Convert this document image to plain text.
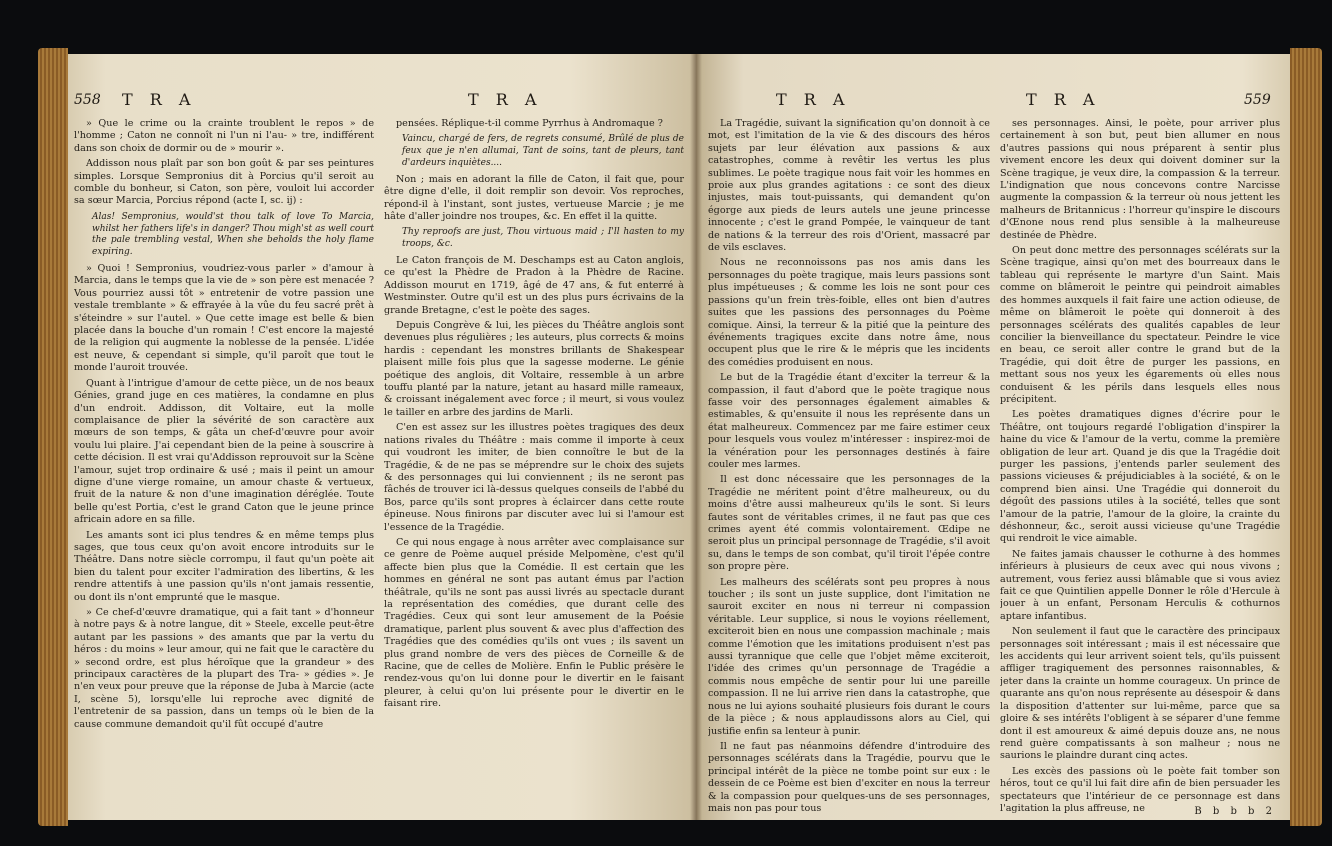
558 T R A	T R A

» Que le crime ou la crainte troublent le repos » de l'homme ; Caton ne connoît ni l'un ni l'au- » tre, indifférent dans son choix de dormir ou de » mourir ».

Addisson nous plaît par son bon goût & par ses peintures simples. Lorsque Sempronius dit à Porcius qu'il seroit au comble du bonheur, si Caton, son père, vouloit lui accorder sa sœur Marcia, Porcius répond (acte I, sc. ij) :

Alas! Sempronius, would'st thou talk of love To Marcia, whilst her fathers life's in danger? Thou migh'st as well court the pale trembling vestal, When she beholds the holy flame expiring.

» Quoi ! Sempronius, voudriez-vous parler » d'amour à Marcia, dans le temps que la vie de » son père est menacée ? Vous pourriez aussi tôt » entretenir de votre passion une vestale tremblante » & effrayée à la vûe du feu sacré prêt à s'éteindre » sur l'autel. » Que cette image est belle & bien placée dans la bouche d'un romain ! C'est encore la majesté de la religion qui augmente la noblesse de la pensée. L'idée est neuve, & cependant si simple, qu'il paroît que tout le monde l'auroit trouvée.

Quant à l'intrigue d'amour de cette pièce, un de nos beaux Génies, grand juge en ces matières, la condamne en plus d'un endroit. Addisson, dit Voltaire, eut la molle complaisance de plier la sévérité de son caractère aux mœurs de son temps, & gâta un chef-d'œuvre pour avoir voulu lui plaire. J'ai cependant bien de la peine à souscrire à cette décision. Il est vrai qu'Addisson reprouvoit sur la Scène l'amour, sujet trop ordinaire & usé ; mais il peint un amour digne d'une vierge romaine, un amour chaste & vertueux, fruit de la nature & non d'une imagination déréglée. Toute belle qu'est Portia, c'est le grand Caton que le jeune prince africain adore en sa fille.

Les amants sont ici plus tendres & en même temps plus sages, que tous ceux qu'on avoit encore introduits sur le Théâtre. Dans notre siècle corrompu, il faut qu'un poète ait bien du talent pour exciter l'admiration des libertins, & les rendre attentifs à une passion qu'ils n'ont jamais ressentie, ou dont ils n'ont emprunté que le masque.

» Ce chef-d'œuvre dramatique, qui a fait tant » d'honneur à notre pays & à notre langue, dit » Steele, excelle peut-être autant par les passions » des amants que par la vertu du héros : du moins » leur amour, qui ne fait que le caractère du » second ordre, est plus héroïque que la grandeur » des principaux caractères de la plupart des Tra- » gédies ». Je n'en veux pour preuve que la réponse de Juba à Marcie (acte I, scène 5), lorsqu'elle lui reproche avec dignité de l'entretenir de sa passion, dans un temps où le bien de la cause commune demandoit qu'il fût occupé d'autre

pensées. Réplique-t-il comme Pyrrhus à Andromaque ?

Vaincu, chargé de fers, de regrets consumé, Brûlé de plus de feux que je n'en allumai, Tant de soins, tant de pleurs, tant d'ardeurs inquiètes....

Non ; mais en adorant la fille de Caton, il fait que, pour être digne d'elle, il doit remplir son devoir. Vos reproches, répond-il à l'instant, sont justes, vertueuse Marcie ; je me hâte d'aller joindre nos troupes, &c. En effet il la quitte.

Thy reproofs are just, Thou virtuous maid ; I'll hasten to my troops, &c.

Le Caton françois de M. Deschamps est au Caton anglois, ce qu'est la Phèdre de Pradon à la Phèdre de Racine. Addisson mourut en 1719, âgé de 47 ans, & fut enterré à Westminster. Outre qu'il est un des plus purs écrivains de la grande Bretagne, c'est le poète des sages.

Depuis Congrève & lui, les pièces du Théâtre anglois sont devenues plus régulières ; les auteurs, plus corrects & moins hardis : cependant les monstres brillants de Shakespear plaisent mille fois plus que la sagesse moderne. Le génie poétique des anglois, dit Voltaire, ressemble à un arbre touffu planté par la nature, jetant au hasard mille rameaux, & croissant inégalement avec force ; il meurt, si vous voulez le tailler en arbre des jardins de Marli.

C'en est assez sur les illustres poètes tragiques des deux nations rivales du Théâtre : mais comme il importe à ceux qui voudront les imiter, de bien connoître le but de la Tragédie, & de ne pas se méprendre sur le choix des sujets & des personnages qui lui conviennent ; ils ne seront pas fâchés de trouver ici là-dessus quelques conseils de l'abbé du Bos, parce qu'ils sont propres à éclaircer dans cette route épineuse. Nous finirons par discuter avec lui si l'amour est l'essence de la Tragédie.

Ce qui nous engage à nous arrêter avec complaisance sur ce genre de Poème auquel préside Melpomène, c'est qu'il affecte bien plus que la Comédie. Il est certain que les hommes en général ne sont pas autant émus par l'action théâtrale, qu'ils ne sont pas aussi livrés au spectacle durant la représentation des comédies, que durant celle des Tragédies. Ceux qui sont leur amusement de la Poésie dramatique, parlent plus souvent & avec plus d'affection des Tragédies que des comédies qu'ils ont vues ; ils savent un plus grand nombre de vers des pièces de Corneille & de Racine, que de celles de Molière. Enfin le Public présère le rendez-vous qu'on lui donne pour le divertir en le faisant pleurer, à celui qu'on lui présente pour le divertir en le faisant rire.

T R A	T R A	559

La Tragédie, suivant la signification qu'on donnoit à ce mot, est l'imitation de la vie & des discours des héros sujets par leur élévation aux passions & aux catastrophes, comme à revêtir les vertus les plus sublimes. Le poète tragique nous fait voir les hommes en proie aux plus grandes agitations : ce sont des dieux injustes, mais tout-puissants, qui demandent qu'on égorge aux pieds de leurs autels une jeune princesse innocente ; c'est le grand Pompée, le vainqueur de tant de nations & la terreur des rois d'Orient, massacré par de vils esclaves.

Nous ne reconnoissons pas nos amis dans les personnages du poète tragique, mais leurs passions sont plus impétueuses ; & comme les lois ne sont pour ces passions qu'un frein très-foible, elles ont bien d'autres suites que les passions des personnages du Poème comique. Ainsi, la terreur & la pitié que la peinture des événements tragiques excite dans notre âme, nous occupent plus que le rire & le mépris que les incidents des comédies produisent en nous.

Le but de la Tragédie étant d'exciter la terreur & la compassion, il faut d'abord que le poète tragique nous fasse voir des personnages également aimables & estimables, & qu'ensuite il nous les représente dans un état malheureux. Commencez par me faire estimer ceux pour lesquels vous voulez m'intéresser : inspirez-moi de la vénération pour les personnages destinés à faire couler mes larmes.

Il est donc nécessaire que les personnages de la Tragédie ne méritent point d'être malheureux, ou du moins d'être aussi malheureux qu'ils le sont. Si leurs fautes sont de véritables crimes, il ne faut pas que ces crimes ayent été commis volontairement. Œdipe ne seroit plus un principal personnage de Tragédie, s'il avoit su, dans le temps de son combat, qu'il tiroit l'épée contre son propre père.

Les malheurs des scélérats sont peu propres à nous toucher ; ils sont un juste supplice, dont l'imitation ne sauroit exciter en nous ni terreur ni compassion véritable. Leur supplice, si nous le voyions réellement, exciteroit bien en nous une compassion machinale ; mais comme l'émotion que les imitations produisent n'est pas aussi tyrannique que celle que l'objet même exciteroit, l'idée des crimes qu'un personnage de Tragédie a commis nous empêche de sentir pour lui une pareille compassion. Il ne lui arrive rien dans la catastrophe, que nous ne lui ayions souhaité plusieurs fois durant le cours de la pièce ; & nous applaudissons alors au Ciel, qui justifie enfin sa lenteur à punir.

Il ne faut pas néanmoins défendre d'introduire des personnages scélérats dans la Tragédie, pourvu que le principal intérêt de la pièce ne tombe point sur eux : le dessein de ce Poème est bien d'exciter en nous la terreur & la compassion pour quelques-uns de ses personnages, mais non pas pour tous

ses personnages. Ainsi, le poète, pour arriver plus certainement à son but, peut bien allumer en nous d'autres passions qui nous préparent à sentir plus vivement encore les deux qui doivent dominer sur la Scène tragique, je veux dire, la compassion & la terreur. L'indignation que nous concevons contre Narcisse augmente la compassion & la terreur où nous jettent les malheurs de Britannicus : l'horreur qu'inspire le discours d'Œnone nous rend plus sensible à la malheureuse destinée de Phèdre.

On peut donc mettre des personnages scélérats sur la Scène tragique, ainsi qu'on met des bourreaux dans le tableau qui représente le martyre d'un Saint. Mais comme on blâmeroit le peintre qui peindroit aimables des hommes auxquels il fait faire une action odieuse, de même on blâmeroit le poète qui donneroit à des personnages scélérats des qualités capables de leur concilier la bienveillance du spectateur. Peindre le vice en beau, ce seroit aller contre le grand but de la Tragédie, qui doit être de purger les passions, en mettant sous nos yeux les égarements où elles nous conduisent & les périls dans lesquels elles nous précipitent.

Les poètes dramatiques dignes d'écrire pour le Théâtre, ont toujours regardé l'obligation d'inspirer la haine du vice & l'amour de la vertu, comme la première obligation de leur art. Quand je dis que la Tragédie doit purger les passions, j'entends parler seulement des passions vicieuses & préjudiciables à la société, & on le comprend bien ainsi. Une Tragédie qui donneroit du dégoût des passions utiles à la société, telles que sont l'amour de la patrie, l'amour de la gloire, la crainte du déshonneur, &c., seroit aussi vicieuse qu'une Tragédie qui rendroit le vice aimable.

Ne faites jamais chausser le cothurne à des hommes inférieurs à plusieurs de ceux avec qui nous vivons ; autrement, vous feriez aussi blâmable que si vous aviez fait ce que Quintilien appelle Donner le rôle d'Hercule à jouer à un enfant, Personam Herculis & cothurnos aptare infantibus.

Non seulement il faut que le caractère des principaux personnages soit intéressant ; mais il est nécessaire que les accidents qui leur arrivent soient tels, qu'ils puissent affliger tragiquement des personnes raisonnables, & jeter dans la crainte un homme courageux. Un prince de quarante ans qu'on nous représente au désespoir & dans la disposition d'attenter sur lui-même, parce que sa gloire & ses intérêts l'obligent à se séparer d'une femme dont il est amoureux & aimé depuis douze ans, ne nous rend guère compatissants à son malheur ; nous ne saurions le plaindre durant cinq actes.

Les excès des passions où le poète fait tomber son héros, tout ce qu'il lui fait dire afin de bien persuader les spectateurs que l'intérieur de ce personnage est dans l'agitation la plus affreuse, ne	B b b b 2
